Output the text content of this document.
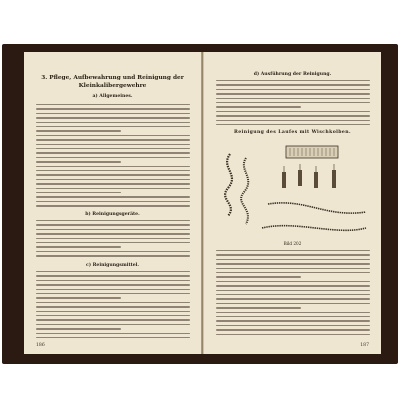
3. Pflege, Aufbewahrung und Reinigung der
Kleinkalibergewehre
a) Allgemeines.
b) Reinigungsgeräte.
c) Reinigungsmittel.
186
d) Ausführung der Reinigung.
Reinigung des Laufes mit Wischkolben.
Bild 202
187
